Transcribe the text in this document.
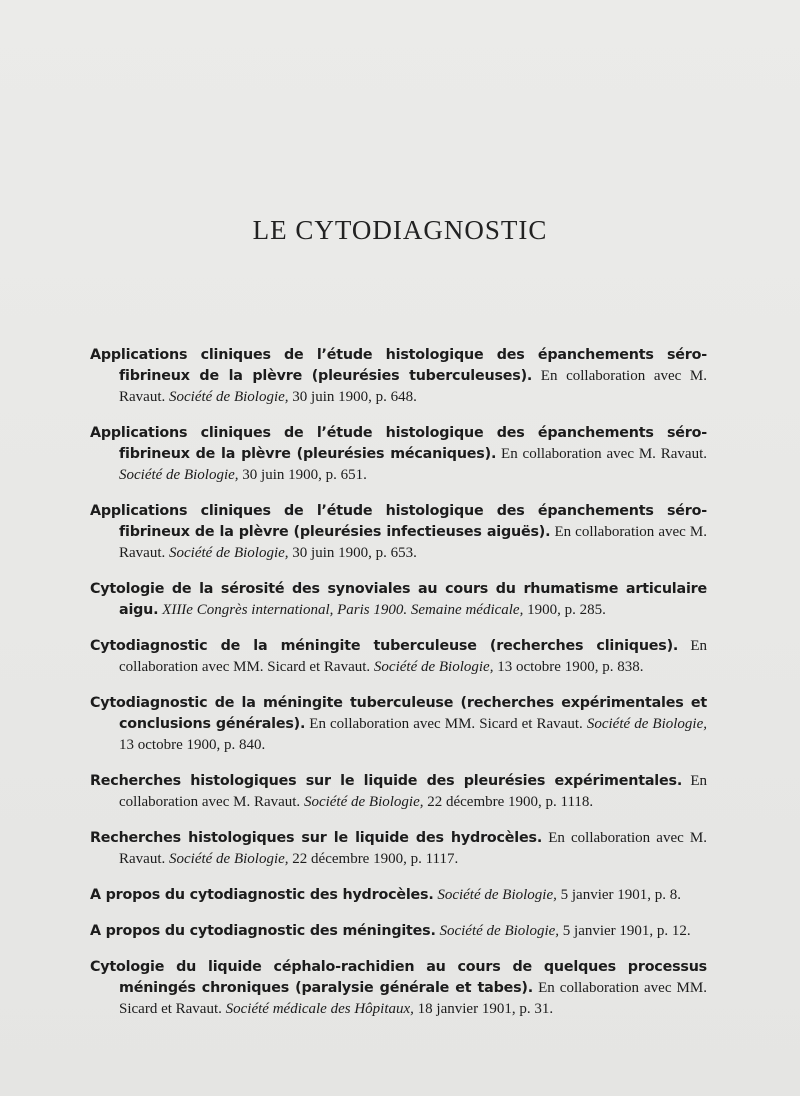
LE CYTODIAGNOSTIC

Applications cliniques de l’étude histologique des épanchements séro-fibrineux de la plèvre (pleurésies tuberculeuses). En collaboration avec M. Ravaut. Société de Biologie, 30 juin 1900, p. 648.

Applications cliniques de l’étude histologique des épanchements séro-fibrineux de la plèvre (pleurésies mécaniques). En collaboration avec M. Ravaut. Société de Biologie, 30 juin 1900, p. 651.

Applications cliniques de l’étude histologique des épanchements séro-fibrineux de la plèvre (pleurésies infectieuses aiguës). En collaboration avec M. Ravaut. Société de Biologie, 30 juin 1900, p. 653.

Cytologie de la sérosité des synoviales au cours du rhumatisme articulaire aigu. XIIIe Congrès international, Paris 1900. Semaine médicale, 1900, p. 285.

Cytodiagnostic de la méningite tuberculeuse (recherches cliniques). En collaboration avec MM. Sicard et Ravaut. Société de Biologie, 13 octobre 1900, p. 838.

Cytodiagnostic de la méningite tuberculeuse (recherches expérimentales et conclusions générales). En collaboration avec MM. Sicard et Ravaut. Société de Biologie, 13 octobre 1900, p. 840.

Recherches histologiques sur le liquide des pleurésies expérimentales. En collaboration avec M. Ravaut. Société de Biologie, 22 décembre 1900, p. 1118.

Recherches histologiques sur le liquide des hydrocèles. En collaboration avec M. Ravaut. Société de Biologie, 22 décembre 1900, p. 1117.

A propos du cytodiagnostic des hydrocèles. Société de Biologie, 5 janvier 1901, p. 8.

A propos du cytodiagnostic des méningites. Société de Biologie, 5 janvier 1901, p. 12.

Cytologie du liquide céphalo-rachidien au cours de quelques processus méningés chroniques (paralysie générale et tabes). En collaboration avec MM. Sicard et Ravaut. Société médicale des Hôpitaux, 18 janvier 1901, p. 31.
